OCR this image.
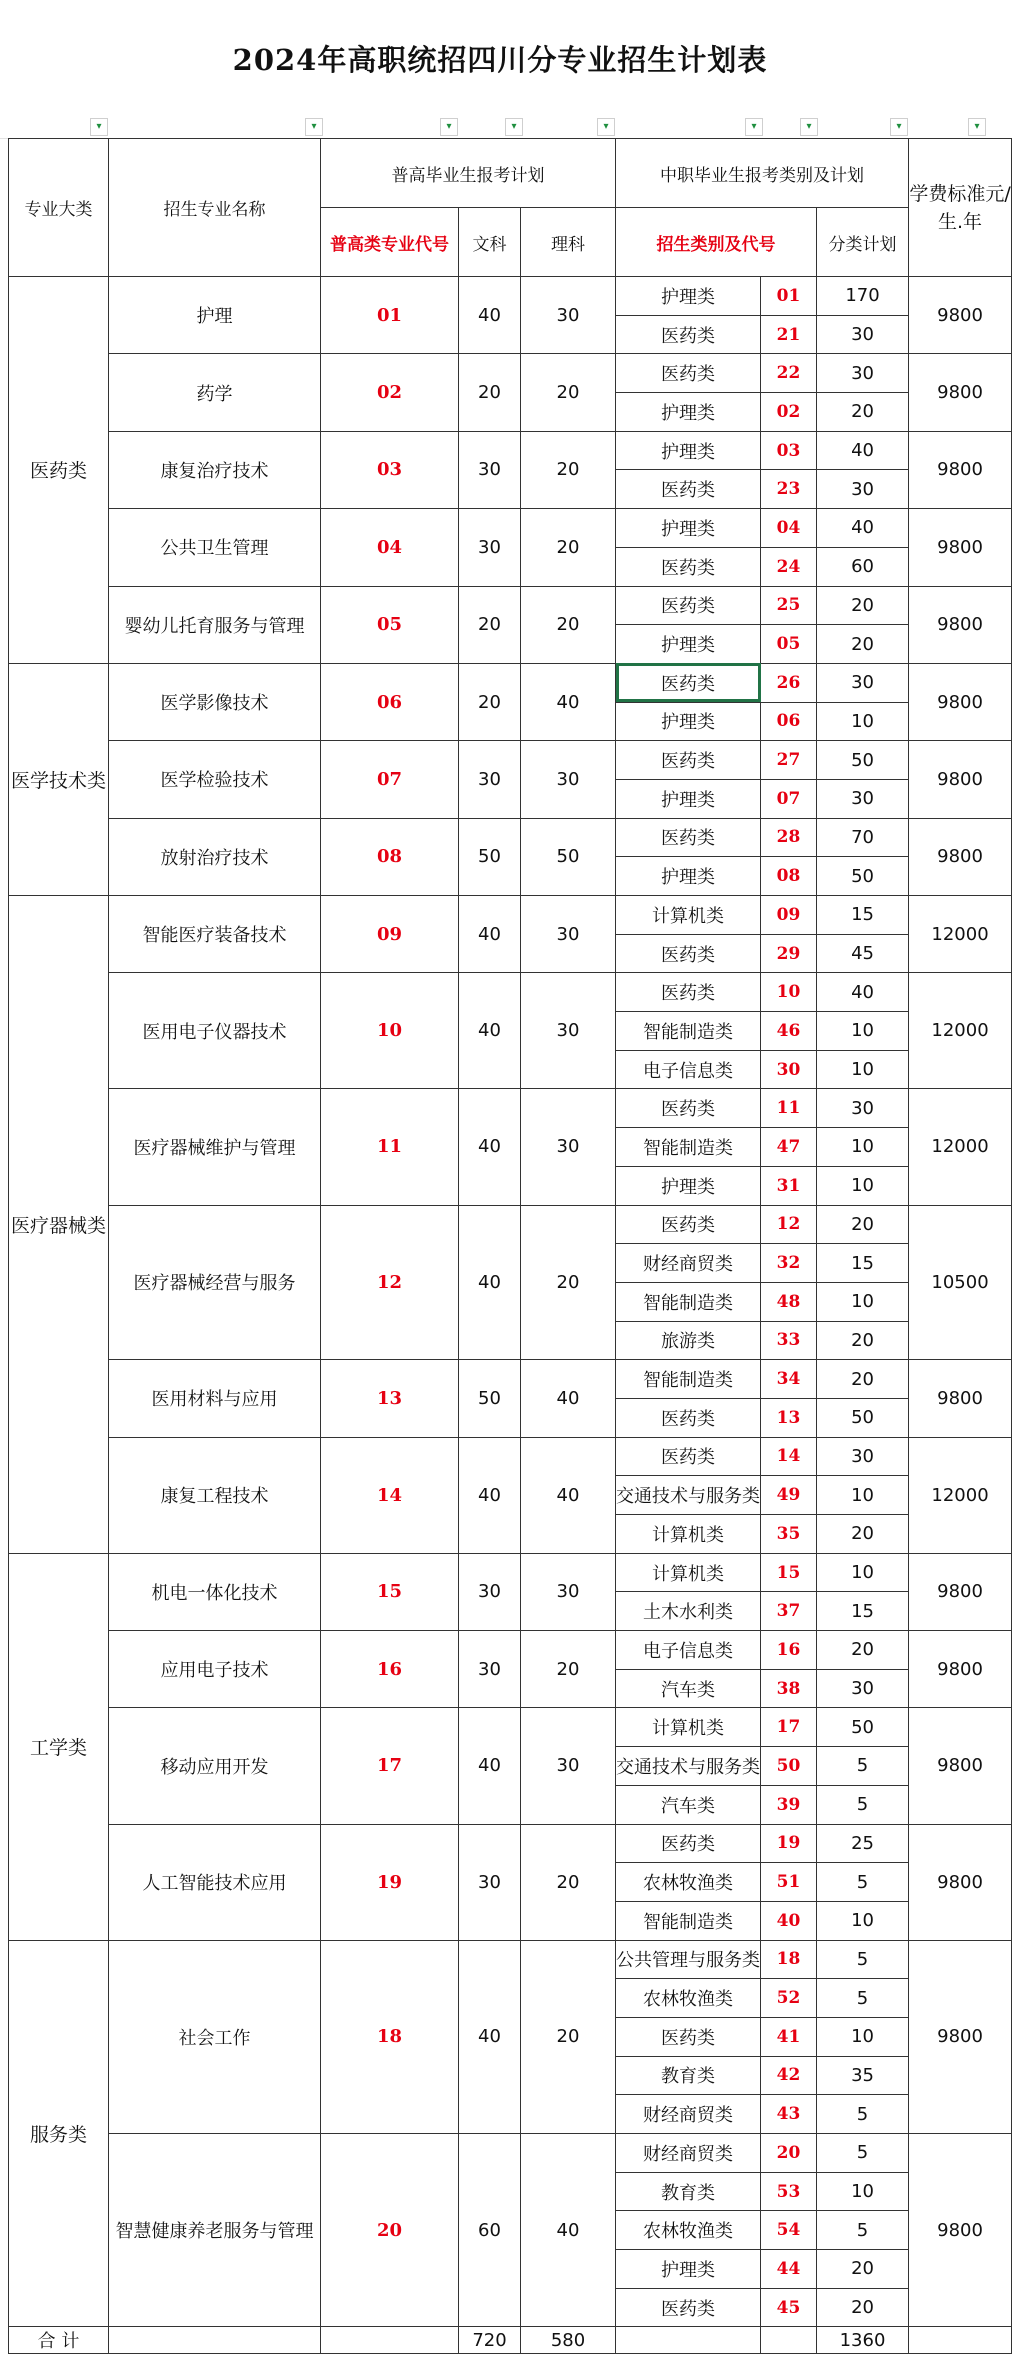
2024年高职统招四川分专业招生计划表
▾	▾	▾	▾	▾	▾	▾	▾	▾
专业大类	招生专业名称	普高毕业生报考计划			中职毕业生报考类别及计划			学费标准元/生.年
		普高类专业代号	文科	理科	招生类别及代号		分类计划	
医药类	护理	01	40	30	护理类	01	170	9800
					医药类	21	30	
	药学	02	20	20	医药类	22	30	9800
					护理类	02	20	
	康复治疗技术	03	30	20	护理类	03	40	9800
					医药类	23	30	
	公共卫生管理	04	30	20	护理类	04	40	9800
					医药类	24	60	
	婴幼儿托育服务与管理	05	20	20	医药类	25	20	9800
					护理类	05	20	
医学技术类	医学影像技术	06	20	40	医药类	26	30	9800
					护理类	06	10	
	医学检验技术	07	30	30	医药类	27	50	9800
					护理类	07	30	
	放射治疗技术	08	50	50	医药类	28	70	9800
					护理类	08	50	
医疗器械类	智能医疗装备技术	09	40	30	计算机类	09	15	12000
					医药类	29	45	
	医用电子仪器技术	10	40	30	医药类	10	40	12000
					智能制造类	46	10	
					电子信息类	30	10	
	医疗器械维护与管理	11	40	30	医药类	11	30	12000
					智能制造类	47	10	
					护理类	31	10	
	医疗器械经营与服务	12	40	20	医药类	12	20	10500
					财经商贸类	32	15	
					智能制造类	48	10	
					旅游类	33	20	
	医用材料与应用	13	50	40	智能制造类	34	20	9800
					医药类	13	50	
	康复工程技术	14	40	40	医药类	14	30	12000
					交通技术与服务类	49	10	
					计算机类	35	20	
工学类	机电一体化技术	15	30	30	计算机类	15	10	9800
					土木水利类	37	15	
	应用电子技术	16	30	20	电子信息类	16	20	9800
					汽车类	38	30	
	移动应用开发	17	40	30	计算机类	17	50	9800
					交通技术与服务类	50	5	
					汽车类	39	5	
	人工智能技术应用	19	30	20	医药类	19	25	9800
					农林牧渔类	51	5	
					智能制造类	40	10	
服务类	社会工作	18	40	20	公共管理与服务类	18	5	9800
					农林牧渔类	52	5	
					医药类	41	10	
					教育类	42	35	
					财经商贸类	43	5	
	智慧健康养老服务与管理	20	60	40	财经商贸类	20	5	9800
					教育类	53	10	
					农林牧渔类	54	5	
					护理类	44	20	
					医药类	45	20	
合 计			720	580			1360	
